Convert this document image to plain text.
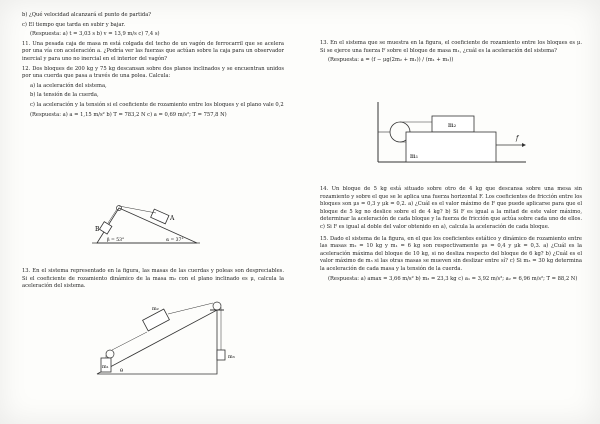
b) ¿Qué velocidad alcanzará el punto de partida?

c) El tiempo que tarda en subir y bajar.

(Respuesta: a) t = 3,03 s b) v = 13,9 m/s c) 7,4 s)

11. Una pesada caja de masa m está colgada del techo de un vagón de ferrocarril que se acelera por una vía con aceleración a. ¿Podría ver las fuerzas que actúan sobre la caja para un observador inercial y para uno no inercial en el interior del vagón?

12. Dos bloques de 200 kg y 75 kg descansan sobre dos planos inclinados y se encuentran unidos por una cuerda que pasa a través de una polea. Calcula:

a) la aceleración del sistema,

b) la tensión de la cuerda,

c) la aceleración y la tensión si el coeficiente de rozamiento entre los bloques y el plano vale 0,2

(Respuesta: a) a = 1,15 m/s² b) T = 783,2 N c) a = 0,69 m/s²; T = 757,8 N)

B
A
β = 53°	α = 37°

13. En el sistema representado en la figura, las masas de las cuerdas y poleas son despreciables. Si el coeficiente de rozamiento dinámico de la masa m₂ con el plano inclinado es μ, calcula la aceleración del sistema.

m₂
m₁
m₃
θ

13. En el sistema que se muestra en la figura, el coeficiente de rozamiento entre los bloques es μ. Si se ejerce una fuerza F sobre el bloque de masa m₁, ¿cuál es la aceleración del sistema?

(Respuesta: a = (f − μg(2m₂ + m₁)) / (m₁ + m₂))

m₂
m₁
f

14. Un bloque de 5 kg está situado sobre otro de 4 kg que descansa sobre una mesa sin rozamiento y sobre el que se le aplica una fuerza horizontal F. Los coeficientes de fricción entre los bloques son μs = 0,3 y μk = 0,2. a) ¿Cuál es el valor máximo de F que puede aplicarse para que el bloque de 5 kg no deslice sobre el de 4 kg? b) Si F es igual a la mitad de este valor máximo, determinar la aceleración de cada bloque y la fuerza de fricción que actúa sobre cada uno de ellos. c) Si F es igual al doble del valor obtenido en a), calcula la aceleración de cada bloque.

15. Dado el sistema de la figura, en el que los coeficientes estático y dinámico de rozamiento entre las masas m₂ = 10 kg y m₁ = 6 kg son respectivamente μs = 0,4 y μk = 0,3. a) ¿Cuál es la aceleración máxima del bloque de 10 kg, si no desliza respecto del bloque de 6 kg? b) ¿Cuál es el valor máximo de m₃ si las otras masas se mueven sin deslizar entre sí? c) Si m₃ = 30 kg determina la aceleración de cada masa y la tensión de la cuerda.

(Respuesta: a) amax = 3,66 m/s² b) m₃ = 23,3 kg c) a₁ = 3,92 m/s²; a₂ = 6,96 m/s²; T = 88,2 N)
